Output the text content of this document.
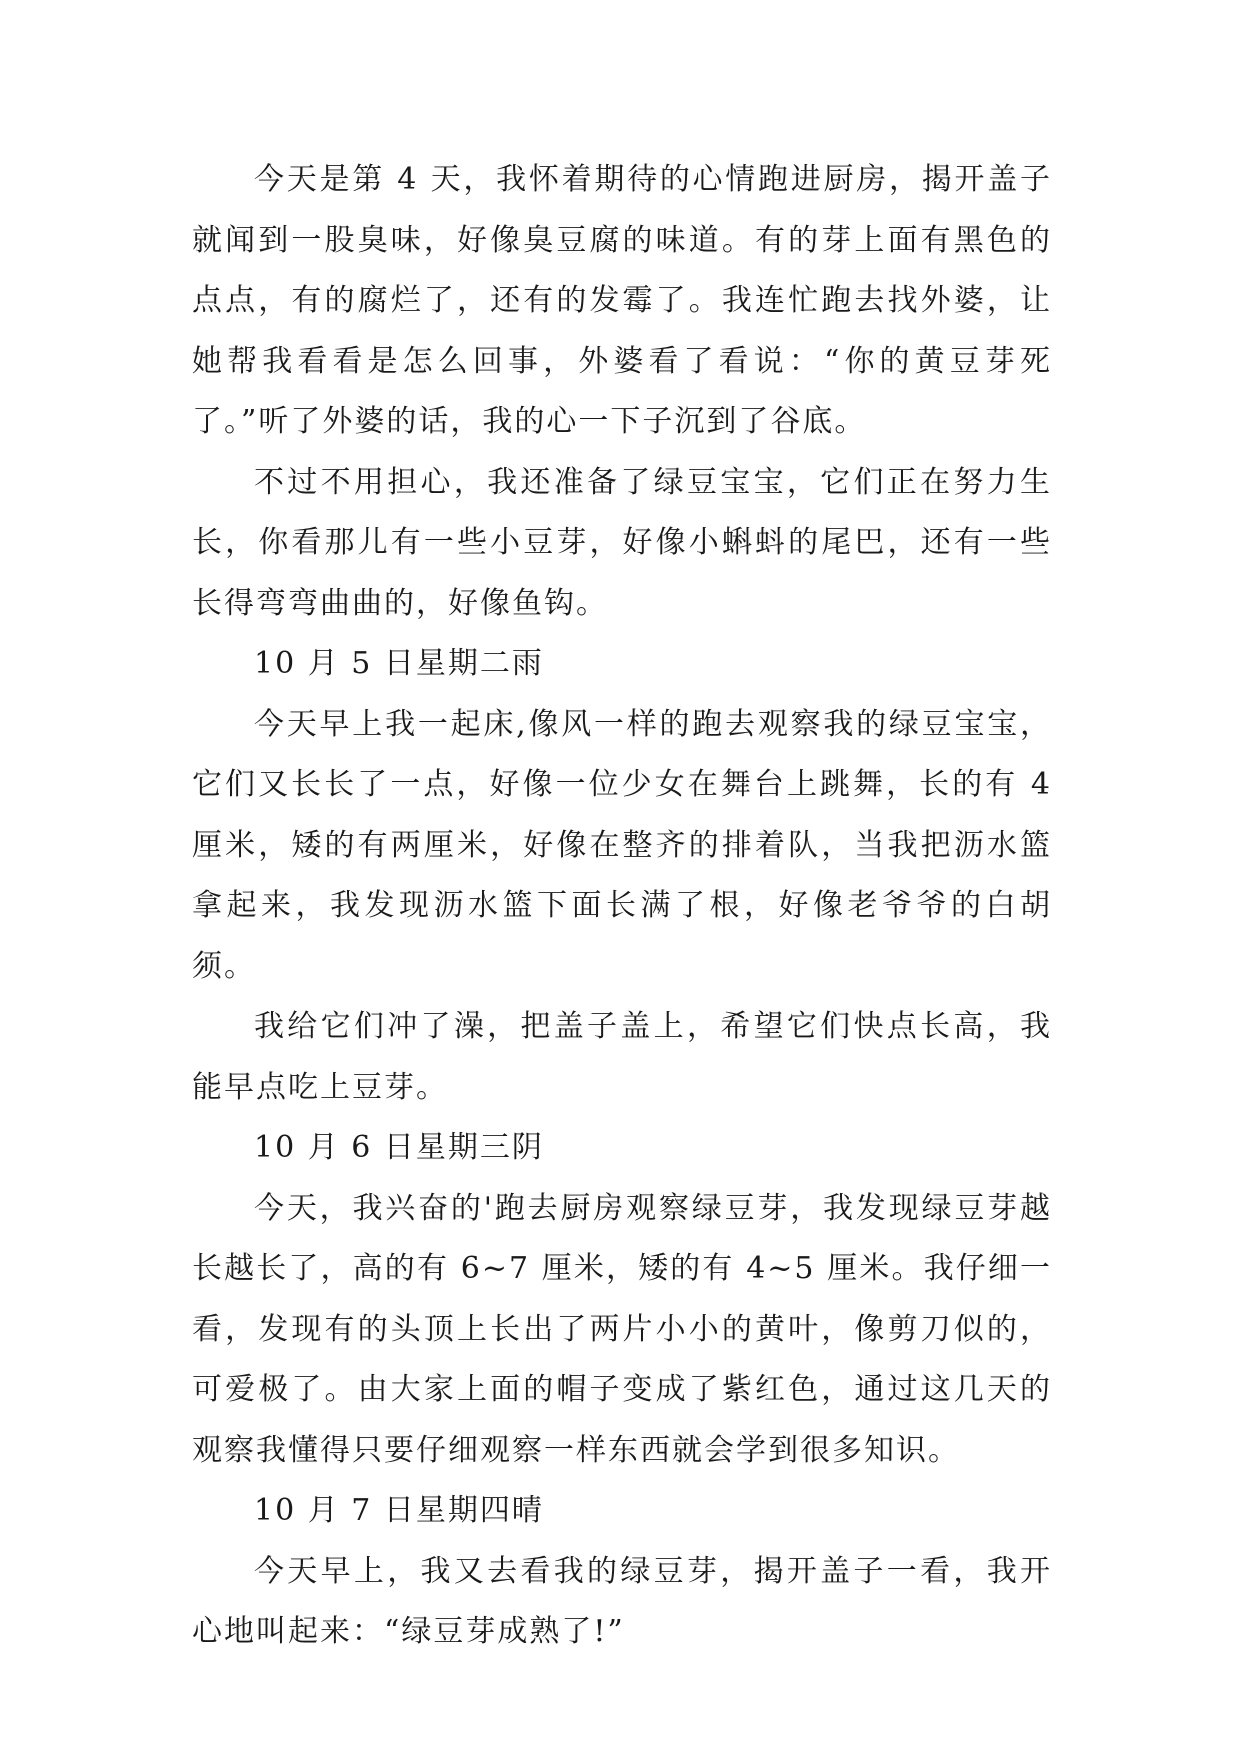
今天是第 4 天，我怀着期待的心情跑进厨房，揭开盖子就闻到一股臭味，好像臭豆腐的味道。有的芽上面有黑色的点点，有的腐烂了，还有的发霉了。我连忙跑去找外婆，让她帮我看看是怎么回事，外婆看了看说：“你的黄豆芽死了。”听了外婆的话，我的心一下子沉到了谷底。

不过不用担心，我还准备了绿豆宝宝，它们正在努力生长，你看那儿有一些小豆芽，好像小蝌蚪的尾巴，还有一些长得弯弯曲曲的，好像鱼钩。

10 月 5 日星期二雨

今天早上我一起床,像风一样的跑去观察我的绿豆宝宝，它们又长长了一点，好像一位少女在舞台上跳舞，长的有 4 厘米，矮的有两厘米，好像在整齐的排着队，当我把沥水篮拿起来，我发现沥水篮下面长满了根，好像老爷爷的白胡须。

我给它们冲了澡，把盖子盖上，希望它们快点长高，我能早点吃上豆芽。

10 月 6 日星期三阴

今天，我兴奋的'跑去厨房观察绿豆芽，我发现绿豆芽越长越长了，高的有 6~7 厘米，矮的有 4~5 厘米。我仔细一看，发现有的头顶上长出了两片小小的黄叶，像剪刀似的，可爱极了。由大家上面的帽子变成了紫红色，通过这几天的观察我懂得只要仔细观察一样东西就会学到很多知识。

10 月 7 日星期四晴

今天早上，我又去看我的绿豆芽，揭开盖子一看，我开心地叫起来：“绿豆芽成熟了!”
